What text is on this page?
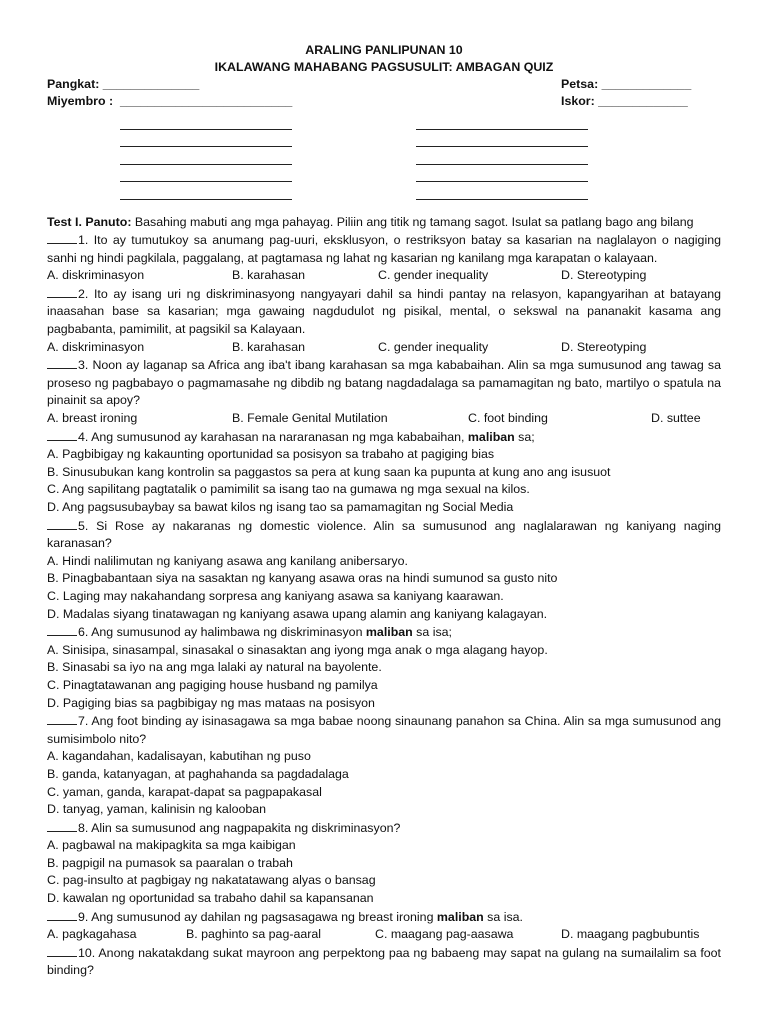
ARALING PANLIPUNAN 10
IKALAWANG MAHABANG PAGSUSULIT: AMBAGAN QUIZ
Pangkat: ______________	Petsa: _____________
Miyembro : _________________________	Iskor: _____________
Test I. Panuto: Basahing mabuti ang mga pahayag. Piliin ang titik ng tamang sagot. Isulat sa patlang bago ang bilang
1. Ito ay tumutukoy sa anumang pag-uuri, eksklusyon, o restriksyon batay sa kasarian na naglalayon o nagiging sanhi ng hindi pagkilala, paggalang, at pagtamasa ng lahat ng kasarian ng kanilang mga karapatan o kalayaan.
A. diskriminasyon	B. karahasan	C. gender inequality	D. Stereotyping
2. Ito ay isang uri ng diskriminasyong nangyayari dahil sa hindi pantay na relasyon, kapangyarihan at batayang inaasahan base sa kasarian; mga gawaing nagdudulot ng pisikal, mental, o sekswal na pananakit kasama ang pagbabanta, pamimilit, at pagsikil sa Kalayaan.
A. diskriminasyon	B. karahasan	C. gender inequality	D. Stereotyping
3. Noon ay laganap sa Africa ang iba't ibang karahasan sa mga kababaihan. Alin sa mga sumusunod ang tawag sa proseso ng pagbabayo o pagmamasahe ng dibdib ng batang nagdadalaga sa pamamagitan ng bato, martilyo o spatula na pinainit sa apoy?
A. breast ironing	B. Female Genital Mutilation	C. foot binding	D. suttee
4. Ang sumusunod ay karahasan na nararanasan ng mga kababaihan, maliban sa;
A. Pagbibigay ng kakaunting oportunidad sa posisyon sa trabaho at pagiging bias
B. Sinusubukan kang kontrolin sa paggastos sa pera at kung saan ka pupunta at kung ano ang isusuot
C. Ang sapilitang pagtatalik o pamimilit sa isang tao na gumawa ng mga sexual na kilos.
D. Ang pagsusubaybay sa bawat kilos ng isang tao sa pamamagitan ng Social Media
5. Si Rose ay nakaranas ng domestic violence. Alin sa sumusunod ang naglalarawan ng kaniyang naging karanasan?
A. Hindi nalilimutan ng kaniyang asawa ang kanilang anibersaryo.
B. Pinagbabantaan siya na sasaktan ng kanyang asawa oras na hindi sumunod sa gusto nito
C. Laging may nakahandang sorpresa ang kaniyang asawa sa kaniyang kaarawan.
D. Madalas siyang tinatawagan ng kaniyang asawa upang alamin ang kaniyang kalagayan.
6. Ang sumusunod ay halimbawa ng diskriminasyon maliban sa isa;
A. Sinisipa, sinasampal, sinasakal o sinasaktan ang iyong mga anak o mga alagang hayop.
B. Sinasabi sa iyo na ang mga lalaki ay natural na bayolente.
C. Pinagtatawanan ang pagiging house husband ng pamilya
D. Pagiging bias sa pagbibigay ng mas mataas na posisyon
7. Ang foot binding ay isinasagawa sa mga babae noong sinaunang panahon sa China. Alin sa mga sumusunod ang sumisimbolo nito?
A. kagandahan, kadalisayan, kabutihan ng puso
B. ganda, katanyagan, at paghahanda sa pagdadalaga
C. yaman, ganda, karapat-dapat sa pagpapakasal
D. tanyag, yaman, kalinisin ng kalooban
8. Alin sa sumusunod ang nagpapakita ng diskriminasyon?
A. pagbawal na makipagkita sa mga kaibigan
B. pagpigil na pumasok sa paaralan o trabah
C. pag-insulto at pagbigay ng nakatatawang alyas o bansag
D. kawalan ng oportunidad sa trabaho dahil sa kapansanan
9. Ang sumusunod ay dahilan ng pagsasagawa ng breast ironing maliban sa isa.
A. pagkagahasa	B. paghinto sa pag-aaral	C. maagang pag-aasawa	D. maagang pagbubuntis
10. Anong nakatakdang sukat mayroon ang perpektong paa ng babaeng may sapat na gulang na sumailalim sa foot binding?
